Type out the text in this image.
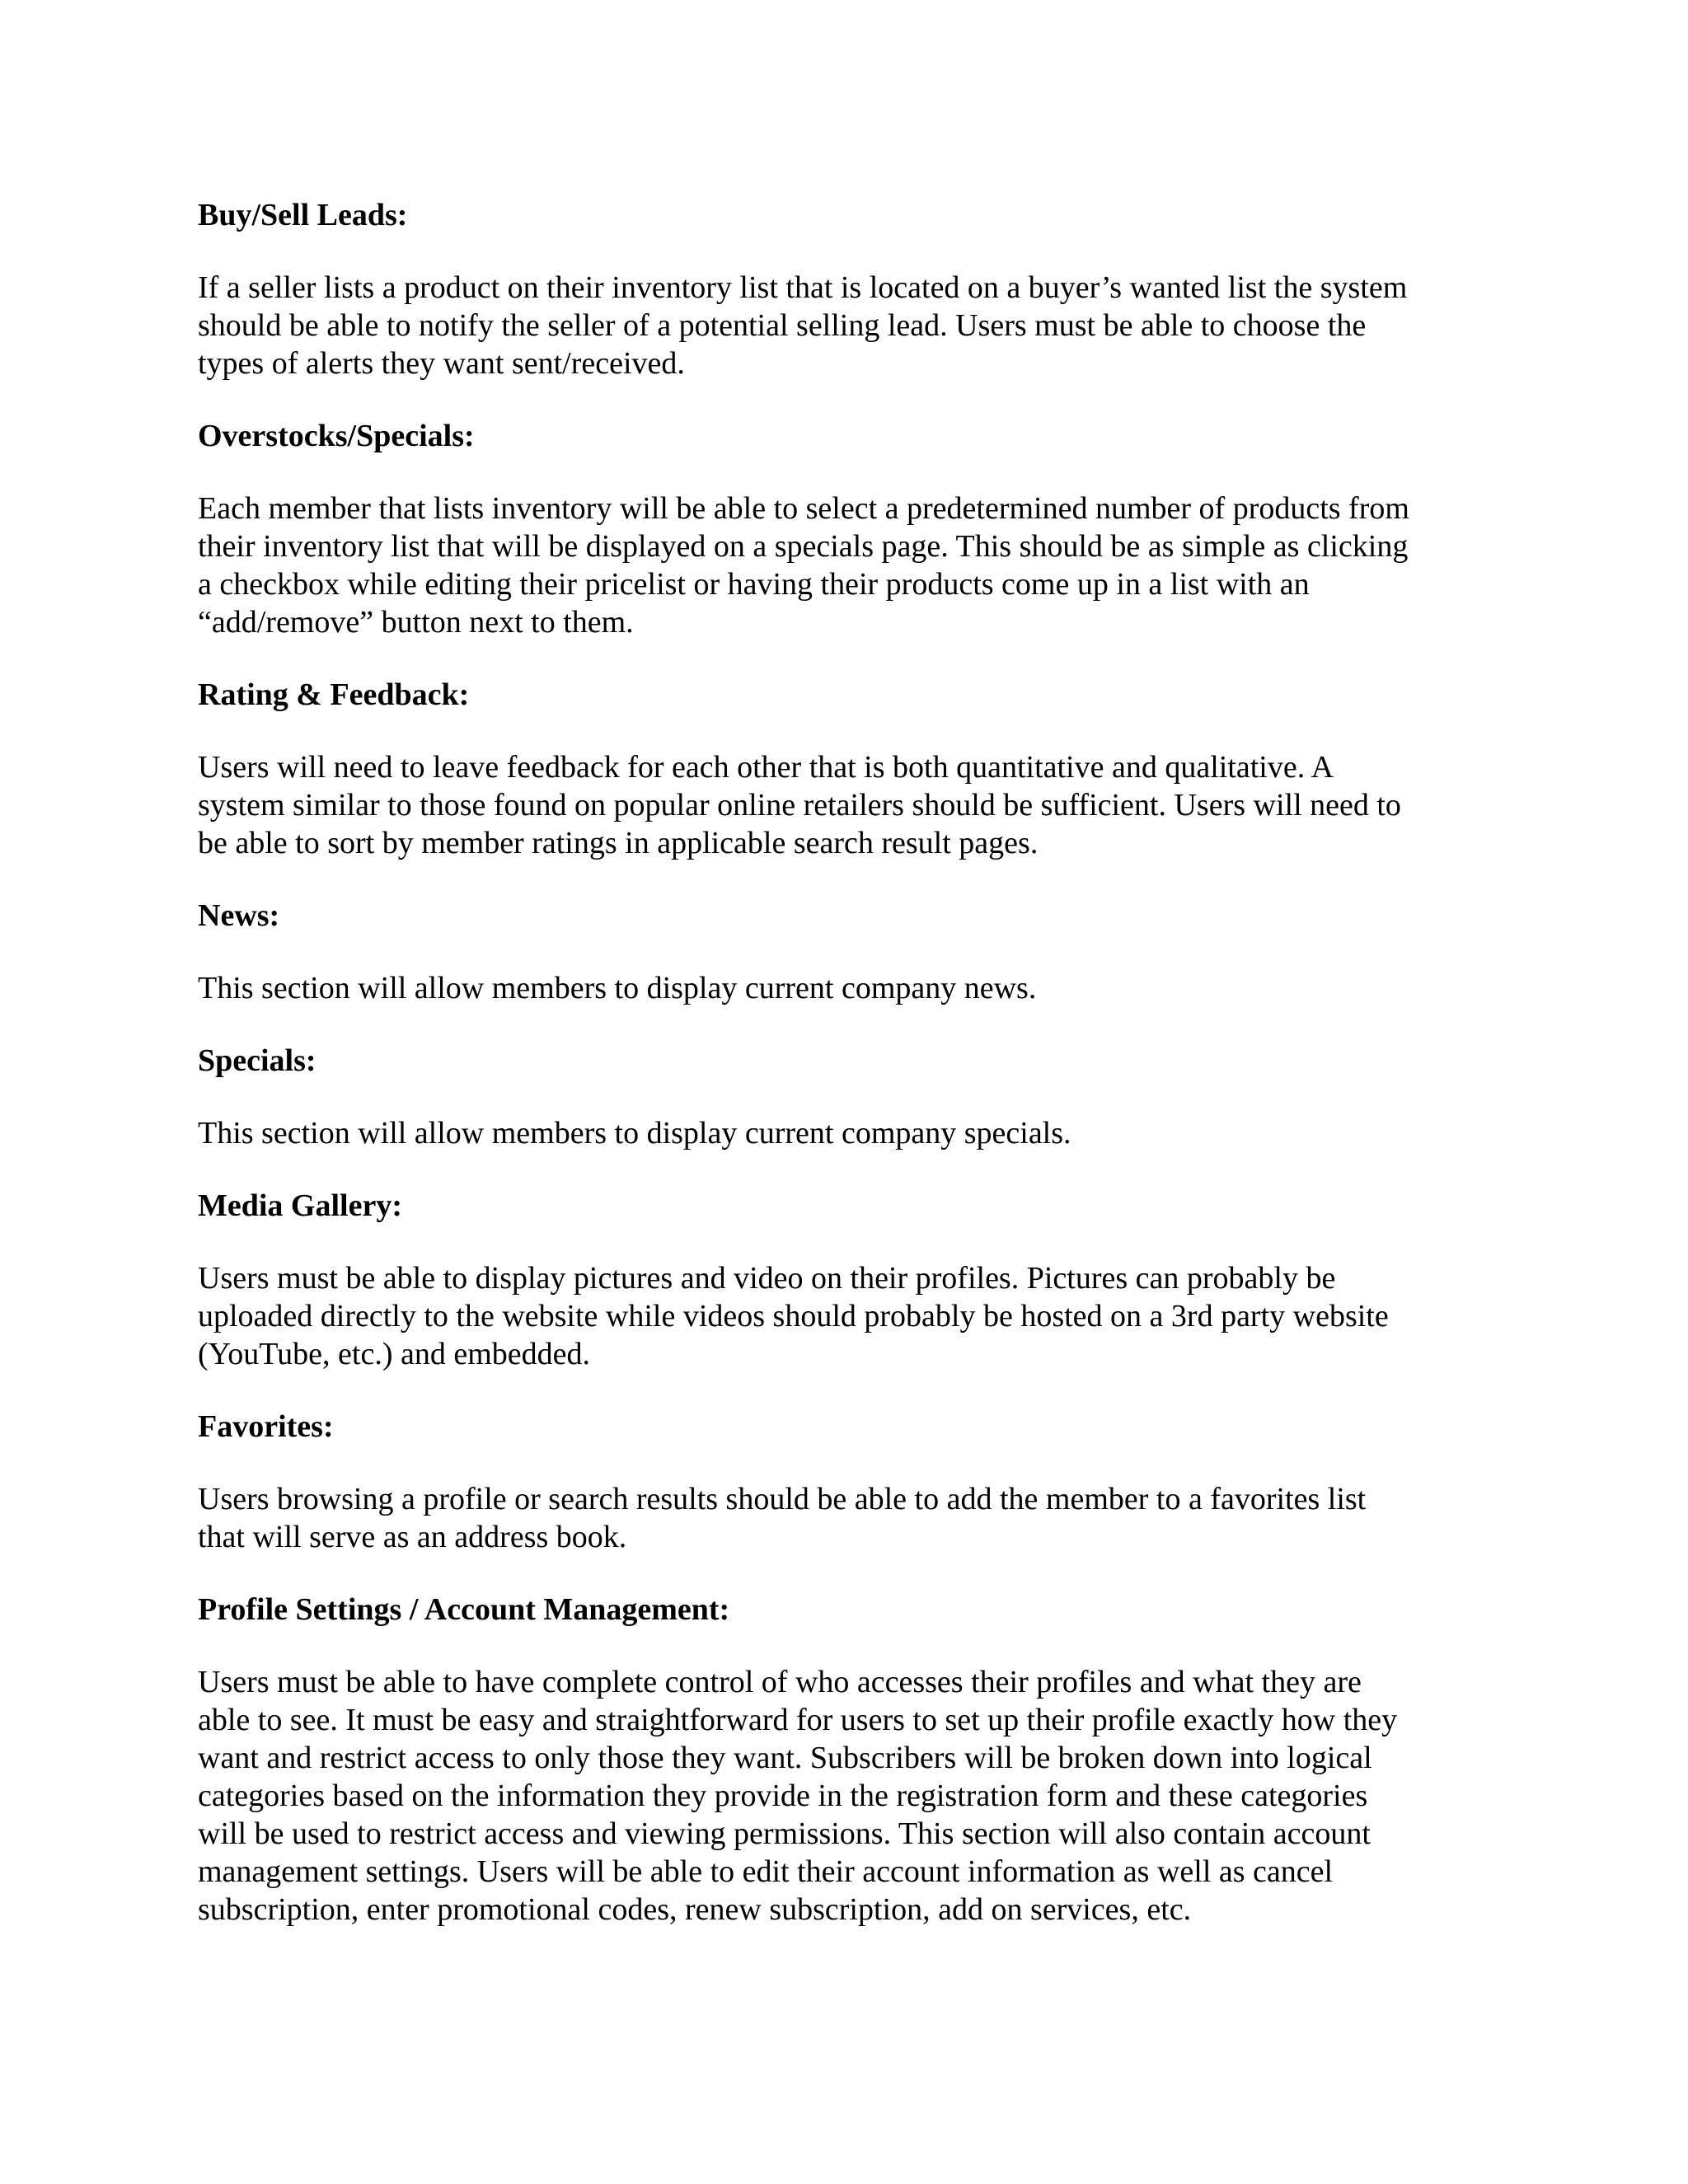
Buy/Sell Leads:

If a seller lists a product on their inventory list that is located on a buyer’s wanted list the system
should be able to notify the seller of a potential selling lead. Users must be able to choose the
types of alerts they want sent/received.

Overstocks/Specials:

Each member that lists inventory will be able to select a predetermined number of products from
their inventory list that will be displayed on a specials page. This should be as simple as clicking
a checkbox while editing their pricelist or having their products come up in a list with an
“add/remove” button next to them.

Rating & Feedback:

Users will need to leave feedback for each other that is both quantitative and qualitative. A
system similar to those found on popular online retailers should be sufficient. Users will need to
be able to sort by member ratings in applicable search result pages.

News:

This section will allow members to display current company news.

Specials:

This section will allow members to display current company specials.

Media Gallery:

Users must be able to display pictures and video on their profiles. Pictures can probably be
uploaded directly to the website while videos should probably be hosted on a 3rd party website
(YouTube, etc.) and embedded.

Favorites:

Users browsing a profile or search results should be able to add the member to a favorites list
that will serve as an address book.

Profile Settings / Account Management:

Users must be able to have complete control of who accesses their profiles and what they are
able to see. It must be easy and straightforward for users to set up their profile exactly how they
want and restrict access to only those they want. Subscribers will be broken down into logical
categories based on the information they provide in the registration form and these categories
will be used to restrict access and viewing permissions. This section will also contain account
management settings. Users will be able to edit their account information as well as cancel
subscription, enter promotional codes, renew subscription, add on services, etc.
